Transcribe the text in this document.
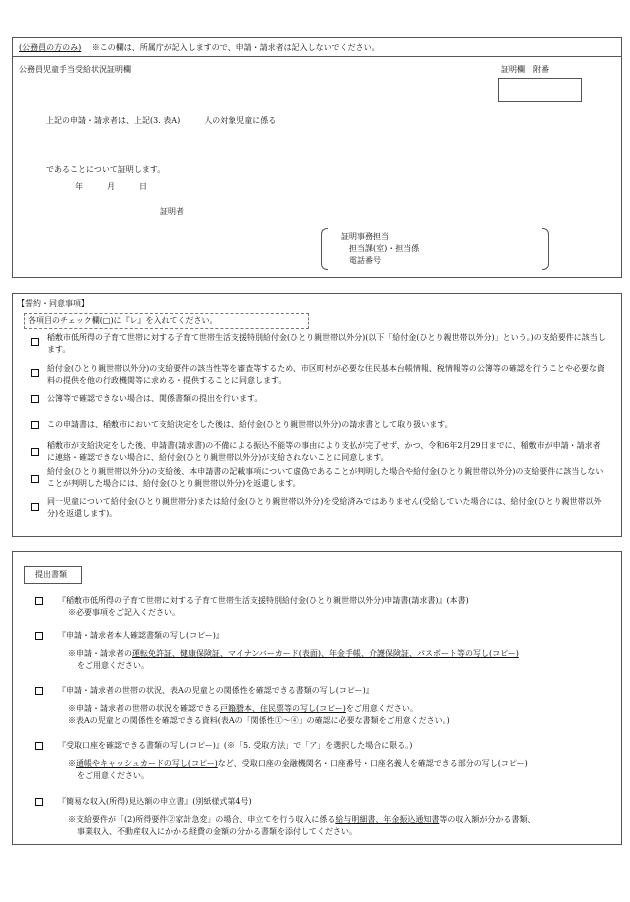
(公務員の方のみ) ※この欄は、所属庁が記入しますので、申請・請求者は記入しないでください。
公務員児童手当受給状況証明欄	証明欄　附番
上記の申請・請求者は、上記(3. 表A)　　　人の対象児童に係る
であることについて証明します。
年　　　月　　　日
証明者
証明事務担当
担当課(室)・担当係
電話番号
【誓約・同意事項】
各項目のチェック欄(□)に『レ』を入れてください。
稲敷市低所得の子育て世帯に対する子育て世帯生活支援特別給付金(ひとり親世帯以外分)(以下「給付金(ひとり親世帯以外分)」という。)の支給要件に該当します。
給付金(ひとり親世帯以外分)の支給要件の該当性等を審査等するため、市区町村が必要な住民基本台帳情報、税情報等の公簿等の確認を行うことや必要な資料の提供を他の行政機関等に求める・提供することに同意します。
公簿等で確認できない場合は、関係書類の提出を行います。
この申請書は、稲敷市において支給決定をした後は、給付金(ひとり親世帯以外分)の請求書として取り扱います。
稲敷市が支給決定をした後、申請書(請求書)の不備による振込不能等の事由により支払が完了せず、かつ、令和6年2月29日までに、稲敷市が申請・請求者に連絡・確認できない場合に、給付金(ひとり親世帯以外分)が支給されないことに同意します。
給付金(ひとり親世帯以外分)の支給後、本申請書の記載事項について虚偽であることが判明した場合や給付金(ひとり親世帯以外分)の支給要件に該当しないことが判明した場合には、給付金(ひとり親世帯以外分)を返還します。
同一児童について給付金(ひとり親世帯分)または給付金(ひとり親世帯以外分)を受給済みではありません(受給していた場合には、給付金(ひとり親世帯以外分)を返還します)。
提出書類
『稲敷市低所得の子育て世帯に対する子育て世帯生活支援特別給付金(ひとり親世帯以外分)申請書(請求書)』(本書)
※必要事項をご記入ください。
『申請・請求者本人確認書類の写し(コピー)』
※申請・請求者の運転免許証、健康保険証、マイナンバーカード(表面)、年金手帳、介護保険証、パスポート等の写し(コピー)
をご用意ください。
『申請・請求者の世帯の状況、表Aの児童との関係性を確認できる書類の写し(コピー)』
※申請・請求者の世帯の状況を確認できる戸籍謄本、住民票等の写し(コピー)をご用意ください。
※表Aの児童との関係性を確認できる資料(表Aの「関係性①～④」の確認に必要な書類をご用意ください。)
『受取口座を確認できる書類の写し(コピー)』(※「5. 受取方法」で「ア」を選択した場合に限る。)
※通帳やキャッシュカードの写し(コピー)など、受取口座の金融機関名・口座番号・口座名義人を確認できる部分の写し(コピー)
をご用意ください。
『簡易な収入(所得)見込額の申立書』(別紙様式第4号)
※支給要件が「(2)所得要件②家計急変」の場合、申立てを行う収入に係る給与明細書、年金振込通知書等の収入額が分かる書類、
事業収入、不動産収入にかかる経費の金額の分かる書類を添付してください。
